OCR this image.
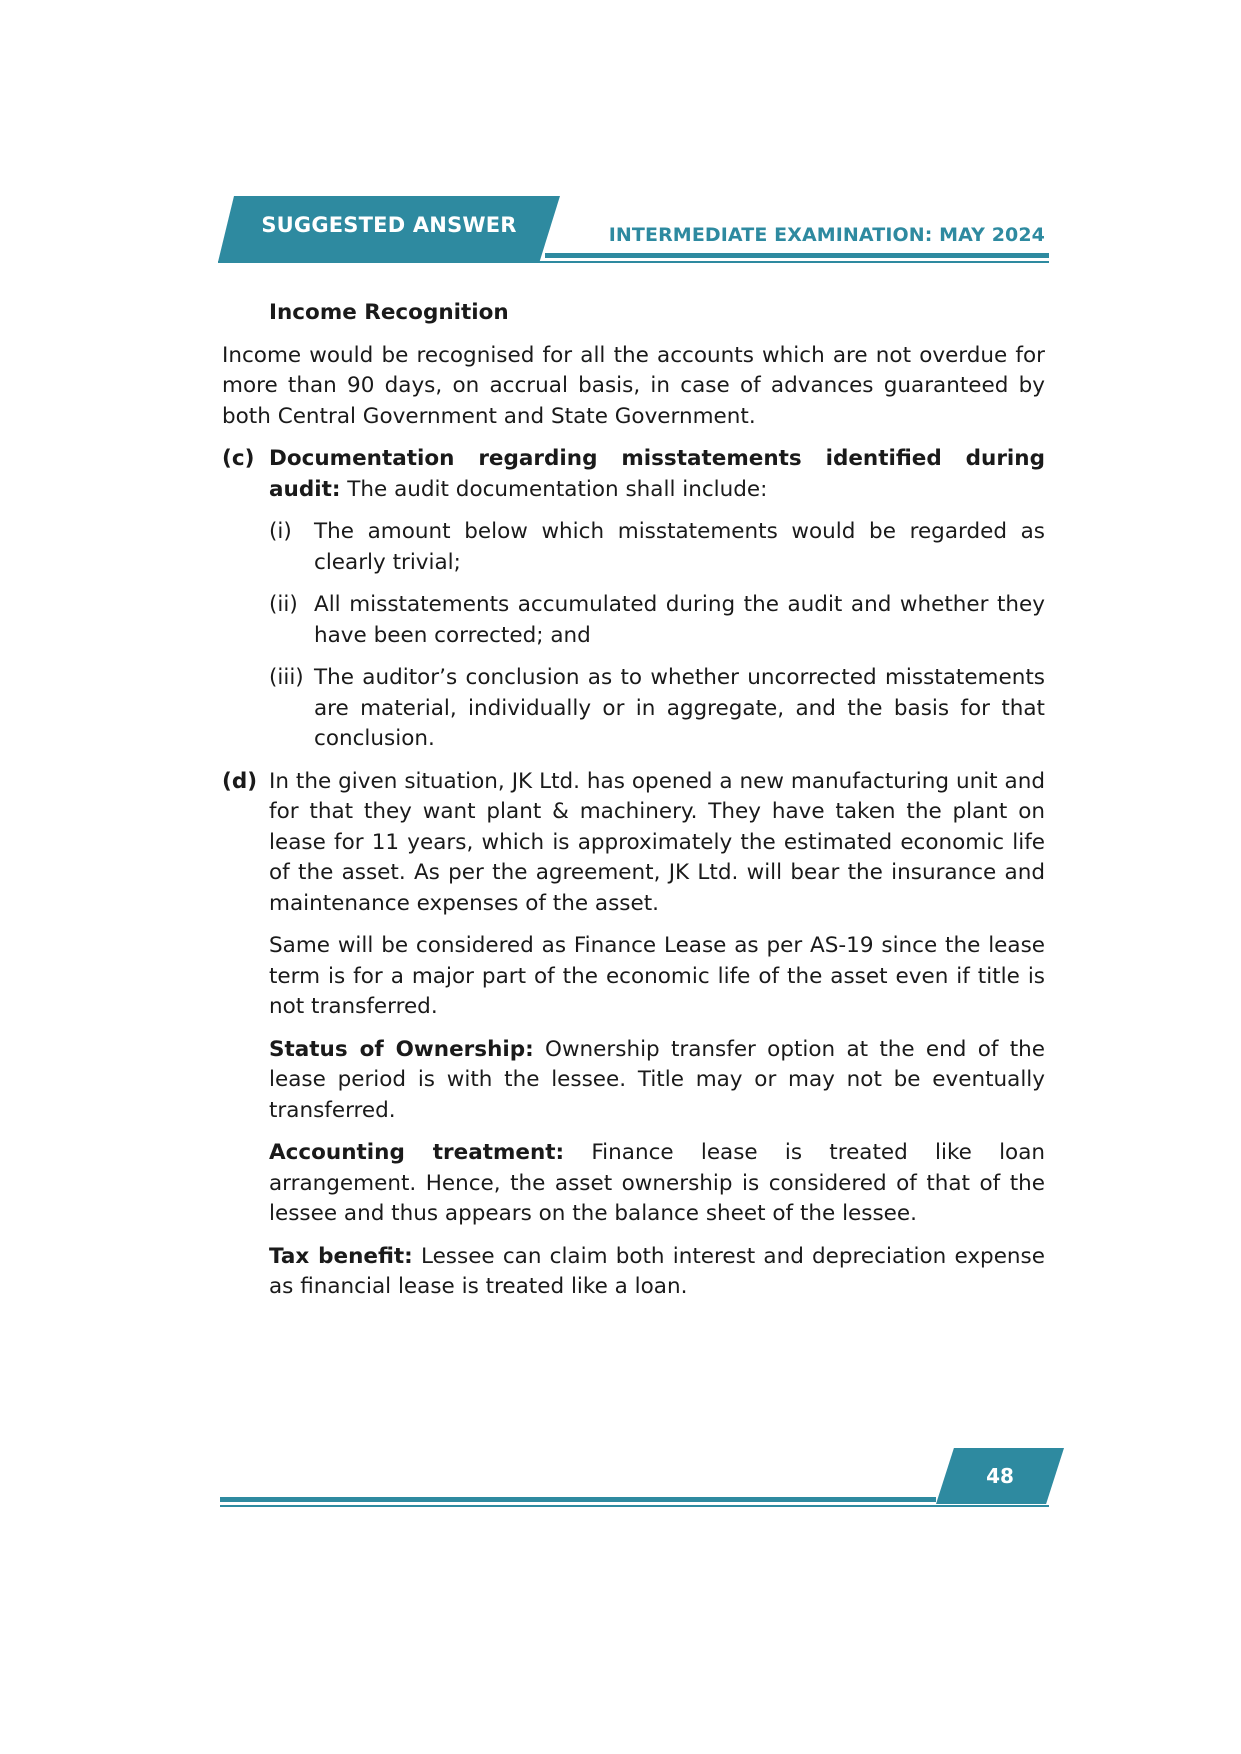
SUGGESTED ANSWER	INTERMEDIATE EXAMINATION: MAY 2024
Income Recognition

Income would be recognised for all the accounts which are not overdue for more than 90 days, on accrual basis, in case of advances guaranteed by both Central Government and State Government.

(c) Documentation regarding misstatements identified during audit: The audit documentation shall include:

(i)	The amount below which misstatements would be regarded as clearly trivial;
(ii) All misstatements accumulated during the audit and whether they have been corrected; and
(iii) The auditor’s conclusion as to whether uncorrected misstatements are material, individually or in aggregate, and the basis for that conclusion.
(d) In the given situation, JK Ltd. has opened a new manufacturing unit and for that they want plant & machinery. They have taken the plant on lease for 11 years, which is approximately the estimated economic life of the asset. As per the agreement, JK Ltd. will bear the insurance and maintenance expenses of the asset.

Same will be considered as Finance Lease as per AS-19 since the lease term is for a major part of the economic life of the asset even if title is not transferred.

Status of Ownership: Ownership transfer option at the end of the lease period is with the lessee. Title may or may not be eventually transferred.

Accounting treatment: Finance lease is treated like loan arrangement. Hence, the asset ownership is considered of that of the lessee and thus appears on the balance sheet of the lessee.

Tax benefit: Lessee can claim both interest and depreciation expense as financial lease is treated like a loan.

48
